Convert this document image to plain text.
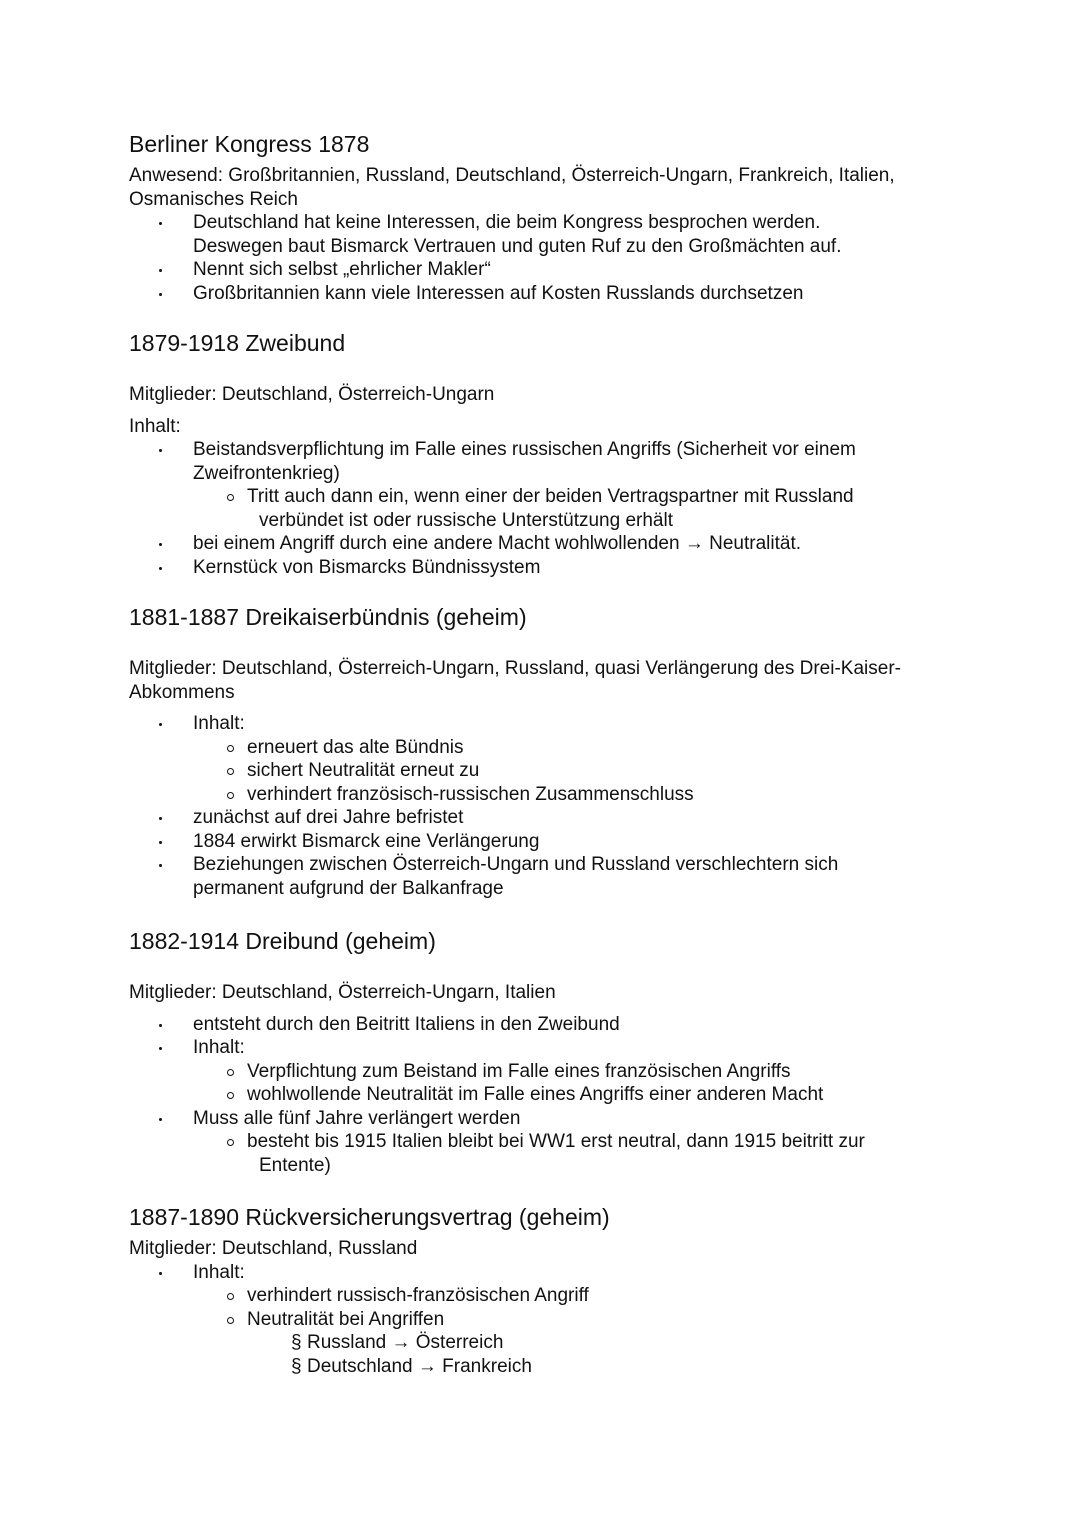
Berliner Kongress 1878

Anwesend: Großbritannien, Russland, Deutschland, Österreich-Ungarn, Frankreich, Italien,

Osmanisches Reich

Deutschland hat keine Interessen, die beim Kongress besprochen werden.
Deswegen baut Bismarck Vertrauen und guten Ruf zu den Großmächten auf.
Nennt sich selbst „ehrlicher Makler“
Großbritannien kann viele Interessen auf Kosten Russlands durchsetzen
1879-1918 Zweibund

Mitglieder: Deutschland, Österreich-Ungarn

Inhalt:

Beistandsverpflichtung im Falle eines russischen Angriffs (Sicherheit vor einem
Zweifrontenkrieg)
Tritt auch dann ein, wenn einer der beiden Vertragspartner mit Russland
verbündet ist oder russische Unterstützung erhält
bei einem Angriff durch eine andere Macht wohlwollenden → Neutralität.
Kernstück von Bismarcks Bündnissystem
1881-1887 Dreikaiserbündnis (geheim)

Mitglieder: Deutschland, Österreich-Ungarn, Russland, quasi Verlängerung des Drei-Kaiser-

Abkommens

Inhalt:
erneuert das alte Bündnis
sichert Neutralität erneut zu
verhindert französisch-russischen Zusammenschluss
zunächst auf drei Jahre befristet
1884 erwirkt Bismarck eine Verlängerung
Beziehungen zwischen Österreich-Ungarn und Russland verschlechtern sich
permanent aufgrund der Balkanfrage
1882-1914 Dreibund (geheim)

Mitglieder: Deutschland, Österreich-Ungarn, Italien

entsteht durch den Beitritt Italiens in den Zweibund
Inhalt:
Verpflichtung zum Beistand im Falle eines französischen Angriffs
wohlwollende Neutralität im Falle eines Angriffs einer anderen Macht
Muss alle fünf Jahre verlängert werden
besteht bis 1915 Italien bleibt bei WW1 erst neutral, dann 1915 beitritt zur
Entente)
1887-1890 Rückversicherungsvertrag (geheim)

Mitglieder: Deutschland, Russland

Inhalt:
verhindert russisch-französischen Angriff
Neutralität bei Angriffen
§ Russland → Österreich
§ Deutschland → Frankreich
